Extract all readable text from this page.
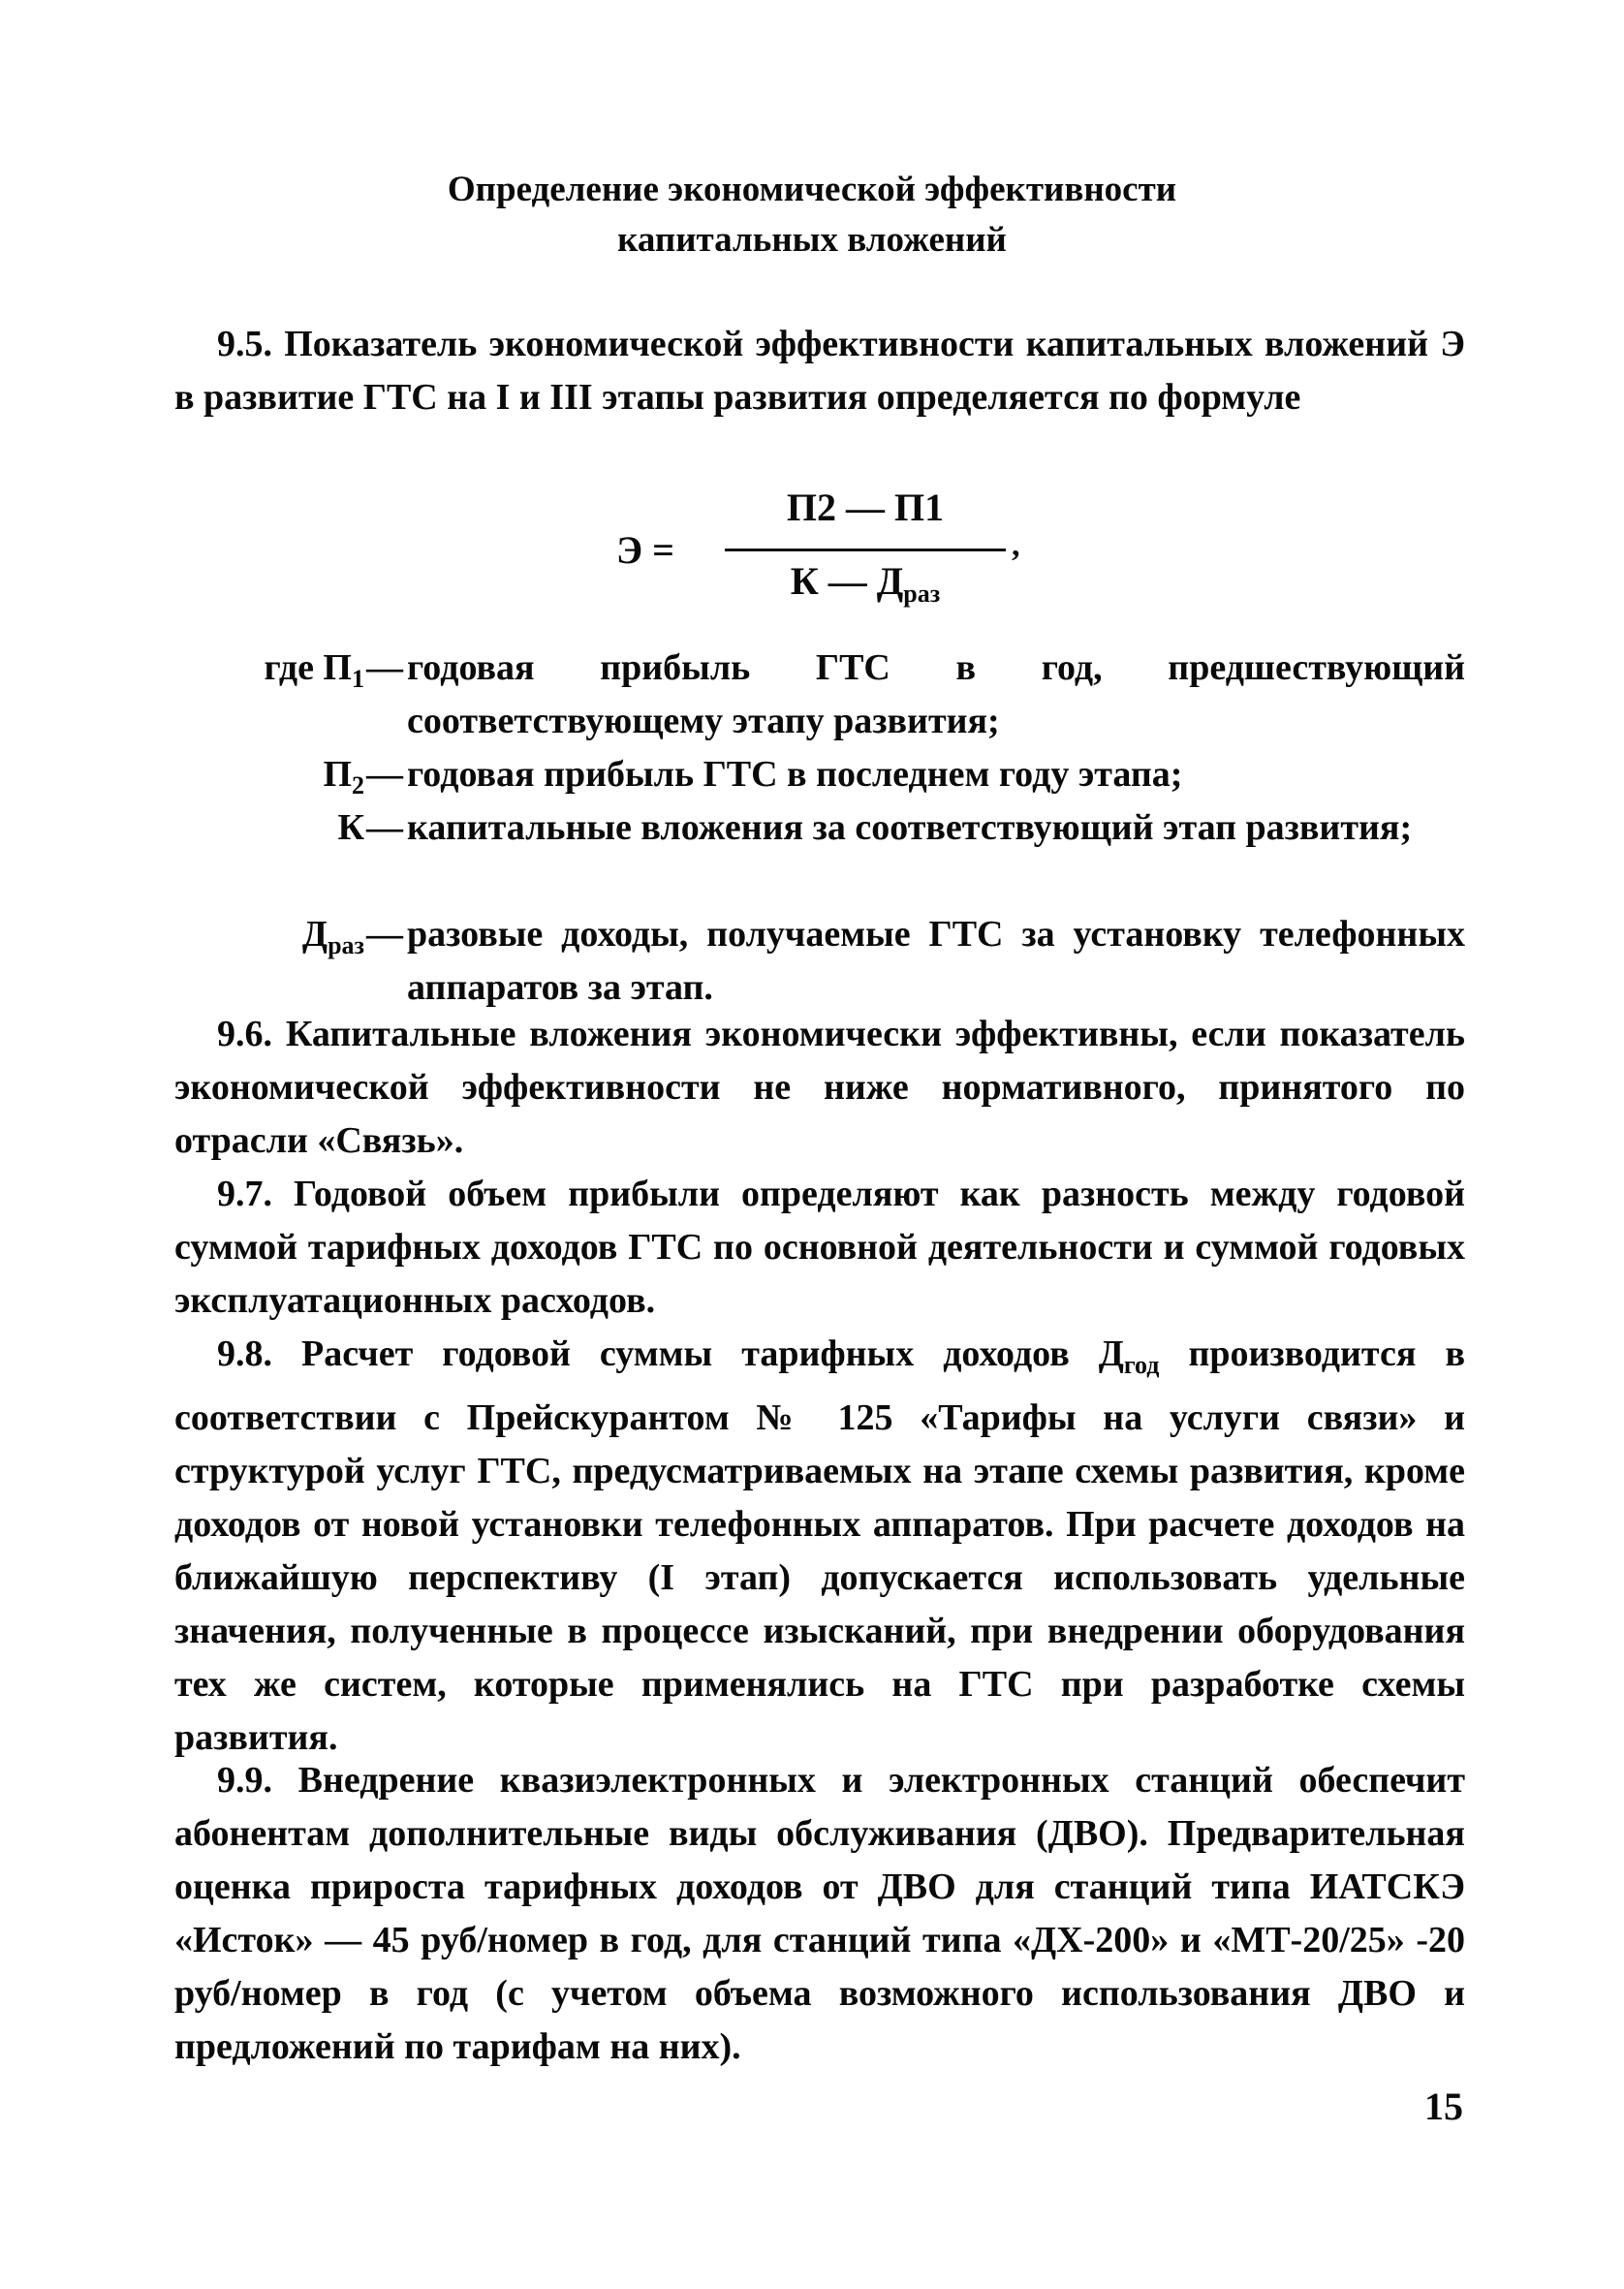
Определение экономической эффективности
капитальных вложений
9.5. Показатель экономической эффективности капитальных вложений Э в развитие ГТС на I и III этапы развития определяется по формуле
Э =
П2 — П1
К — $Д_{раз}$
,
где $П_1$ — годовая прибыль ГТС в год, предшествующий соответствующему этапу развития;
$П_2$ — годовая прибыль ГТС в последнем году этапа;
К — капитальные вложения за соответствующий этап развития;
$Д_{раз}$ — разовые доходы, получаемые ГТС за установку телефонных аппаратов за этап.
9.6. Капитальные вложения экономически эффективны, если показатель экономической эффективности не ниже нормативного, принятого по отрасли «Связь».
9.7. Годовой объем прибыли определяют как разность между годовой суммой тарифных доходов ГТС по основной деятельности и суммой годовых эксплуатационных расходов.
9.8. Расчет годовой суммы тарифных доходов $Д_{год}$ производится в соответствии с Прейскурантом № 125 «Тарифы на услуги связи» и структурой услуг ГТС, предусматриваемых на этапе схемы развития, кроме доходов от новой установки телефонных аппаратов. При расчете доходов на ближайшую перспективу (I этап) допускается использовать удельные значения, полученные в процессе изысканий, при внедрении оборудования тех же систем, которые применялись на ГТС при разработке схемы развития.
9.9. Внедрение квазиэлектронных и электронных станций обеспечит абонентам дополнительные виды обслуживания (ДВО). Предварительная оценка прироста тарифных доходов от ДВО для станций типа ИАТСКЭ «Исток» — 45 руб/номер в год, для станций типа «ДХ-200» и «МТ-20/25» -20 руб/номер в год (с учетом объема возможного использования ДВО и предложений по тарифам на них).
15
